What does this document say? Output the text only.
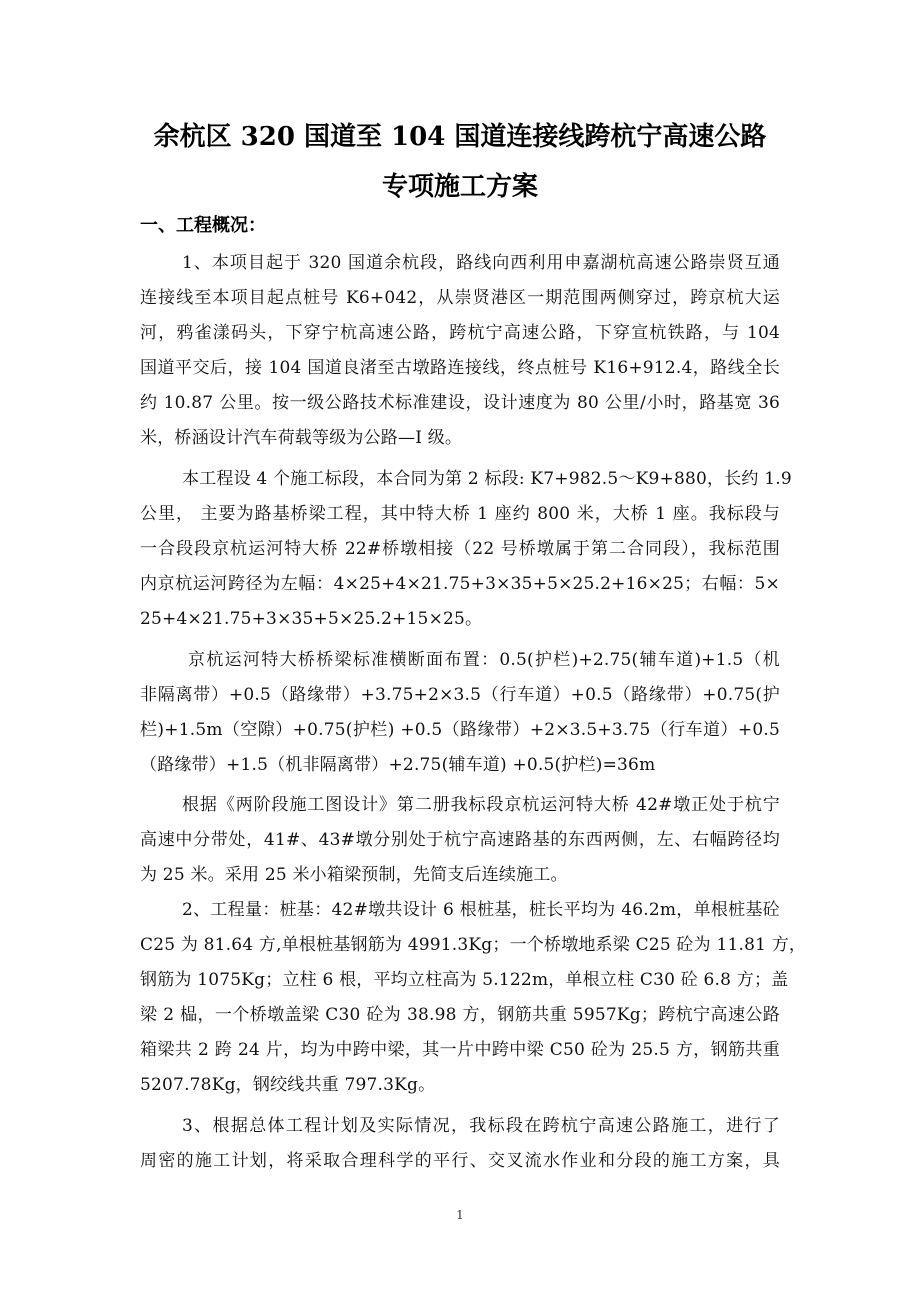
余杭区 320 国道至 104 国道连接线跨杭宁高速公路
专项施工方案
一、工程概况：
1、本项目起于 320 国道余杭段，路线向西利用申嘉湖杭高速公路崇贤互通
连接线至本项目起点桩号 K6+042，从崇贤港区一期范围两侧穿过，跨京杭大运
河，鸦雀漾码头，下穿宁杭高速公路，跨杭宁高速公路，下穿宣杭铁路，与 104
国道平交后，接 104 国道良渚至古墩路连接线，终点桩号 K16+912.4，路线全长
约 10.87 公里。按一级公路技术标准建设，设计速度为 80 公里/小时，路基宽 36
米，桥涵设计汽车荷载等级为公路—I 级。
本工程设 4 个施工标段，本合同为第 2 标段: K7+982.5～K9+880，长约 1.9
公里， 主要为路基桥梁工程，其中特大桥 1 座约 800 米，大桥 1 座。我标段与
一合段段京杭运河特大桥 22#桥墩相接（22 号桥墩属于第二合同段），我标范围
内京杭运河跨径为左幅：4×25+4×21.75+3×35+5×25.2+16×25；右幅：5×
25+4×21.75+3×35+5×25.2+15×25。
京杭运河特大桥桥梁标准横断面布置：0.5(护栏)+2.75(辅车道)+1.5（机
非隔离带）+0.5（路缘带）+3.75+2×3.5（行车道）+0.5（路缘带）+0.75(护
栏)+1.5m（空隙）+0.75(护栏) +0.5（路缘带）+2×3.5+3.75（行车道）+0.5
（路缘带）+1.5（机非隔离带）+2.75(辅车道) +0.5(护栏)=36m
根据《两阶段施工图设计》第二册我标段京杭运河特大桥 42#墩正处于杭宁
高速中分带处，41#、43#墩分别处于杭宁高速路基的东西两侧，左、右幅跨径均
为 25 米。采用 25 米小箱梁预制，先简支后连续施工。
2、工程量：桩基：42#墩共设计 6 根桩基，桩长平均为 46.2m，单根桩基砼
C25 为 81.64 方,单根桩基钢筋为 4991.3Kg；一个桥墩地系梁 C25 砼为 11.81 方，
钢筋为 1075Kg；立柱 6 根，平均立柱高为 5.122m，单根立柱 C30 砼 6.8 方；盖
梁 2 榀，一个桥墩盖梁 C30 砼为 38.98 方，钢筋共重 5957Kg；跨杭宁高速公路
箱梁共 2 跨 24 片，均为中跨中梁，其一片中跨中梁 C50 砼为 25.5 方，钢筋共重
5207.78Kg，钢绞线共重 797.3Kg。
3、根据总体工程计划及实际情况，我标段在跨杭宁高速公路施工，进行了
周密的施工计划，将采取合理科学的平行、交叉流水作业和分段的施工方案，具
1
